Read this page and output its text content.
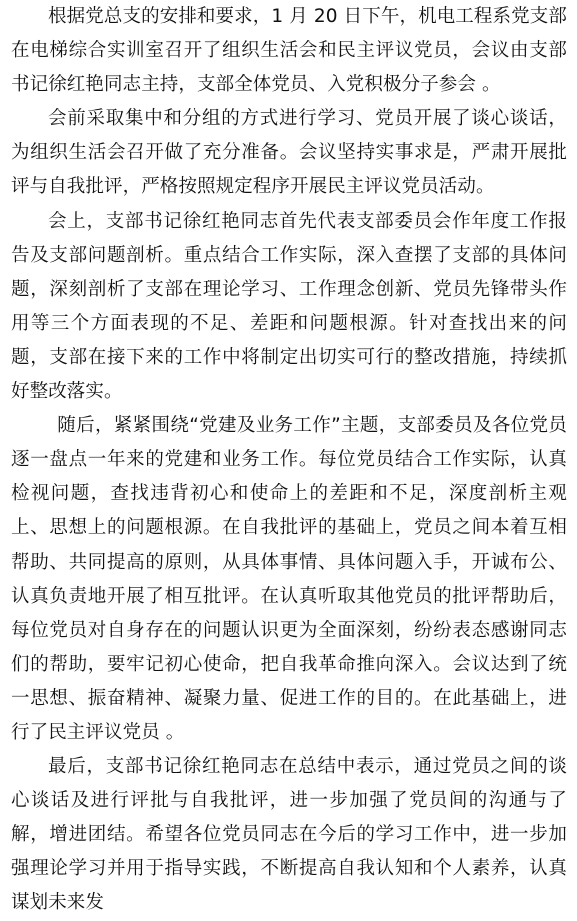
根据党总支的安排和要求，1 月 20 日下午，机电工程系党支部在电梯综合实训室召开了组织生活会和民主评议党员，会议由支部书记徐红艳同志主持，支部全体党员、入党积极分子参会 。

会前采取集中和分组的方式进行学习、党员开展了谈心谈话，为组织生活会召开做了充分准备。会议坚持实事求是，严肃开展批评与自我批评，严格按照规定程序开展民主评议党员活动。

会上，支部书记徐红艳同志首先代表支部委员会作年度工作报告及支部问题剖析。重点结合工作实际，深入查摆了支部的具体问题，深刻剖析了支部在理论学习、工作理念创新、党员先锋带头作用等三个方面表现的不足、差距和问题根源。针对查找出来的问题，支部在接下来的工作中将制定出切实可行的整改措施，持续抓好整改落实。

随后，紧紧围绕“党建及业务工作”主题，支部委员及各位党员逐一盘点一年来的党建和业务工作。每位党员结合工作实际，认真检视问题，查找违背初心和使命上的差距和不足，深度剖析主观上、思想上的问题根源。在自我批评的基础上，党员之间本着互相帮助、共同提高的原则，从具体事情、具体问题入手，开诚布公、认真负责地开展了相互批评。在认真听取其他党员的批评帮助后，每位党员对自身存在的问题认识更为全面深刻，纷纷表态感谢同志们的帮助，要牢记初心使命，把自我革命推向深入。会议达到了统一思想、振奋精神、凝聚力量、促进工作的目的。在此基础上，进行了民主评议党员 。

最后，支部书记徐红艳同志在总结中表示，通过党员之间的谈心谈话及进行评批与自我批评，进一步加强了党员间的沟通与了解，增进团结。希望各位党员同志在今后的学习工作中，进一步加强理论学习并用于指导实践，不断提高自我认知和个人素养，认真谋划未来发
